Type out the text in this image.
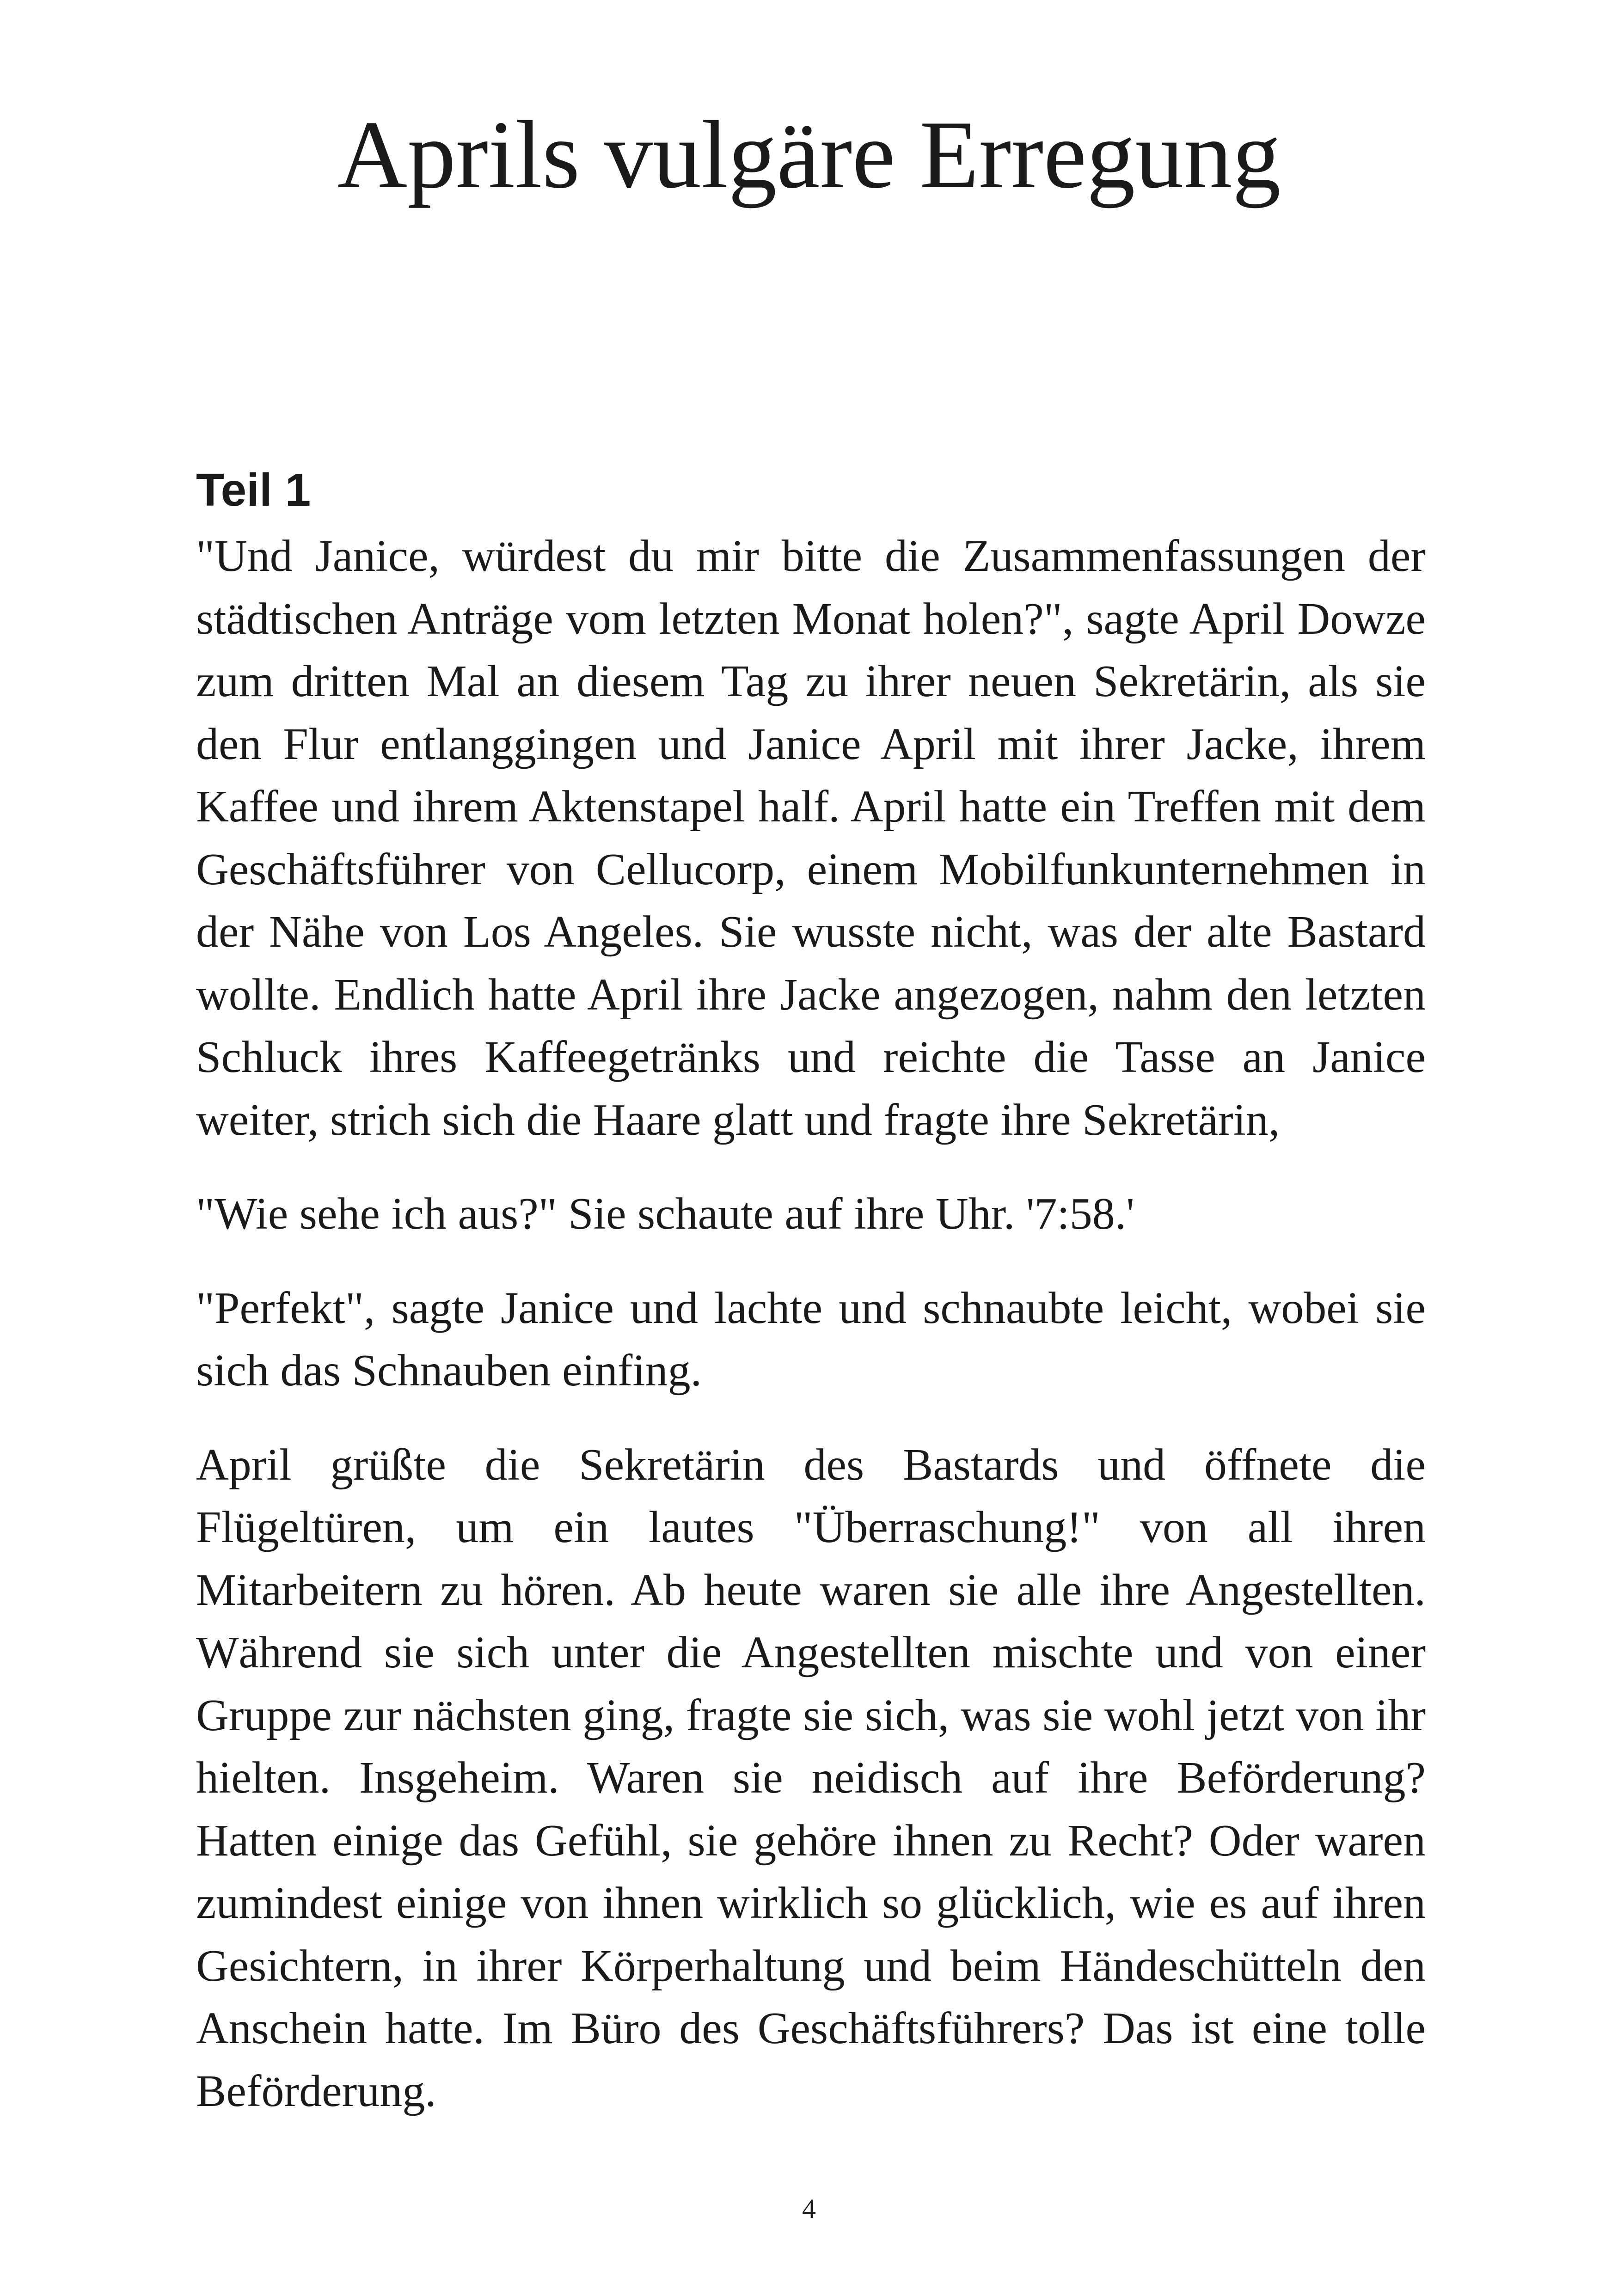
Aprils vulgäre Erregung
Teil 1

"Und Janice, würdest du mir bitte die Zusammenfassungen der städtischen Anträge vom letzten Monat holen?", sagte April Dowze zum dritten Mal an diesem Tag zu ihrer neuen Sekretärin, als sie den Flur entlanggingen und Janice April mit ihrer Jacke, ihrem Kaffee und ihrem Aktenstapel half. April hatte ein Treffen mit dem Geschäftsführer von Cellucorp, einem Mobilfunkunternehmen in der Nähe von Los Angeles. Sie wusste nicht, was der alte Bastard wollte. Endlich hatte April ihre Jacke angezogen, nahm den letzten Schluck ihres Kaffeegetränks und reichte die Tasse an Janice weiter, strich sich die Haare glatt und fragte ihre Sekretärin,

"Wie sehe ich aus?" Sie schaute auf ihre Uhr. '7:58.'

"Perfekt", sagte Janice und lachte und schnaubte leicht, wobei sie sich das Schnauben einfing.

April grüßte die Sekretärin des Bastards und öffnete die Flügeltüren, um ein lautes "Überraschung!" von all ihren Mitarbeitern zu hören. Ab heute waren sie alle ihre Angestellten. Während sie sich unter die Angestellten mischte und von einer Gruppe zur nächsten ging, fragte sie sich, was sie wohl jetzt von ihr hielten. Insgeheim. Waren sie neidisch auf ihre Beförderung? Hatten einige das Gefühl, sie gehöre ihnen zu Recht? Oder waren zumindest einige von ihnen wirklich so glücklich, wie es auf ihren Gesichtern, in ihrer Körperhaltung und beim Händeschütteln den Anschein hatte. Im Büro des Geschäftsführers? Das ist eine tolle Beförderung.

4
